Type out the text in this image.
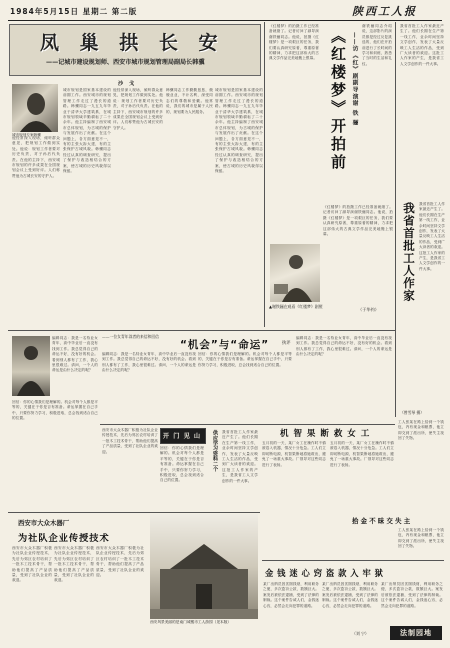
1984年5月15日 星期二 第二版	陕西工人报
凤 巢 拱 长 安
——记城市建设规划师、西安市城市规划管理局副局长韩骥
沙 戈
城市规划是国家基本建设的前期工作。西安城市的规划管理工作走过了漫长的道路。韩骥同志一九五九年毕业于清华大学建筑系，在城市规划领域辛勤耕耘了二十余年。他主持编制了西安城市总体规划，为古城的保护与发展作出了贡献。在这个问题上，各方面意见不一，有的主张大拆大建，有的主张保护古城风貌。韩骥同志经过认真的调查研究，提出了保护与改造相结合的方案，使古城的历史风貌得以保留。
他经常深入现场，倾听群众意见，把规划工作做到实处。他说：规划工作者要对历史负责，对子孙后代负责。在他的主持下，西安城市规划的许多成果在全国规划会议上受到好评。人们称赞他为古城长安的守护人。
韩骥同志工作勤勤恳恳，兢兢业业，不计名利，深受同志们的尊敬和爱戴。他常说，我们的城市是属于人民的，规划要为人民服务。
城市规划是国家基本建设的前期工作。西安城市的规划管理工作走过了漫长的道路。韩骥同志一九五九年毕业于清华大学建筑系，在城市规划领域辛勤耕耘了二十余年。他主持编制了西安城市总体规划，为古城的保护与发展作出了贡献。在这个问题上，各方面意见不一，有的主张大拆大建，有的主张保护古城风貌。韩骥同志经过认真的调查研究，提出了保护与改造相结合的方案，使古城的历史风貌得以保留。
他经常深入现场，倾听群众意见，把规划工作做到实处。他说：规划工作者要对历史负责，对子孙后代负责。在他的主持下，西安城市规划的许多成果在全国规划会议上受到好评。人们称赞他为古城长安的守护人。
《红楼梦》的拍摄工作已经准备就绪了。记者访问了副导演谢铁骊同志。他说，拍摄《红楼梦》是一项艰巨的任务，我们要认真研究原著，尊重原著的精神，力求把这部伟大的古典文学作品完美地搬上银幕。 《红楼梦》开拍前 ——访《红》剧副导演谢 铁 骊
谢铁骊同志介绍说，这部影片的演员都是经过反复挑选的，他们在开拍前进行了长时间的学习和训练，熟悉了当时的生活和礼仪。
《红楼梦》的拍摄工作已经准备就绪了。记者访问了副导演谢铁骊同志。他说，拍摄《红楼梦》是一项艰巨的任务，我们要认真研究原著，尊重原著的精神，力求把这部伟大的古典文学作品完美地搬上银幕。
（于华钧）
▲谢铁骊在观看《红楼梦》剧照
我省首批工人作家
我省首批工人作家最近产生了。他们长期在生产第一线工作，业余时间坚持文学创作，发表了大量反映工人生活的作品，受到广大读者的欢迎。这批工人作家的产生，是我省工人文学创作的一件大事。
我省首批工人作家最近产生了。他们长期在生产第一线工作，业余时间坚持文学创作，发表了大量反映工人生活的作品，受到广大读者的欢迎。这批工人作家的产生，是我省工人文学创作的一件大事。
（曾雪琴 摄）
编辑同志：我是一名待业女青年，高中毕业后一直没有找到工作。我总觉得自己的命运不好，没有好的机会。看到别人都有了工作，我心里很难过。请问，一个人的命运是由什么决定的呢？
回信：你的心情我们是理解的。机会对每个人都是平等的，关键在于你是否有准备。命运掌握在自己手中，只要你努力学习，积极进取，总会找到适合自己的位置。
——一位女青年读者的来信和回信
“机会”与“命运”	执评
编辑同志：我是一名待业女青年，高中毕业后一直没有找到工作。我总觉得自己的命运不好，没有好的机会。看到别人都有了工作，我心里很难过。请问，一个人的命运是由什么决定的呢？
回信：你的心情我们是理解的。机会对每个人都是平等的，关键在于你是否有准备。命运掌握在自己手中，只要你努力学习，积极进取，总会找到适合自己的位置。
编辑同志：我是一名待业女青年，高中毕业后一直没有找到工作。我总觉得自己的命运不好，没有好的机会。看到别人都有了工作，我心里很难过。请问，一个人的命运是由什么决定的呢？
开 门 见 山
西安市大众木器厂积极为社队企业传授技术，先后为郊区农村培训了一批木工技术骨干，帮助他们提高了产品质量，受到了社队企业的欢迎。
回信：你的心情我们是理解的。机会对每个人都是平等的，关键在于你是否有准备。命运掌握在自己手中，只要你努力学习，积极进取，总会找到适合自己的位置。
机 智 果 断 救 女 工
五月初的一天，某厂女工在操作时不慎被卷入机器，情况十分危急。工人们立即切断电源，机智果断地将她救出，避免了一场重大事故。厂领导对这些同志进行了表扬。
五月初的一天，某厂女工在操作时不慎被卷入机器，情况十分危急。工人们立即切断电源，机智果断地将她救出，避免了一场重大事故。厂领导对这些同志进行了表扬。
工人张某在路上拾到一个钱包，内有现金和粮票，他立即交到了派出所，使失主找回了失物。
拾 金 不 昧 交 失 主
工人张某在路上拾到一个钱包，内有现金和粮票，他立即交到了派出所，使失主找回了失物。
供应学习资料二个 我省首批工人作家最近产生了。他们长期在生产第一线工作，业余时间坚持文学创作，发表了大量反映工人生活的作品，受到广大读者的欢迎。这批工人作家的产生，是我省工人文学创作的一件大事。
西安市大众木器厂
为社队企业传授技术
西安市大众木器厂积极为社队企业传授技术，先后为郊区农村培训了一批木工技术骨干，帮助他们提高了产品质量，受到了社队企业的欢迎。
西安市大众木器厂积极为社队企业传授技术，先后为郊区农村培训了一批木工技术骨干，帮助他们提高了产品质量，受到了社队企业的欢迎。
西安市大众木器厂积极为社队企业传授技术，先后为郊区农村培训了一批木工技术骨干，帮助他们提高了产品质量，受到了社队企业的欢迎。
西安风景美丽的是南门城楼市工人游园（见本版）
金 钱 迷 心 窍 盗 款 入 牢 狱
某厂出纳员因贪图钱财，利用职务之便，多次盗窃公款，数额巨大。案发后被依法逮捕，受到了法律的制裁。这个案件告诫人们，金钱迷心窍，必然会走向犯罪的道路。
某厂出纳员因贪图钱财，利用职务之便，多次盗窃公款，数额巨大。案发后被依法逮捕，受到了法律的制裁。这个案件告诫人们，金钱迷心窍，必然会走向犯罪的道路。
某厂出纳员因贪图钱财，利用职务之便，多次盗窃公款，数额巨大。案发后被依法逮捕，受到了法律的制裁。这个案件告诫人们，金钱迷心窍，必然会走向犯罪的道路。
（刘 宁）	法制园地
城市规划专家韩骥
